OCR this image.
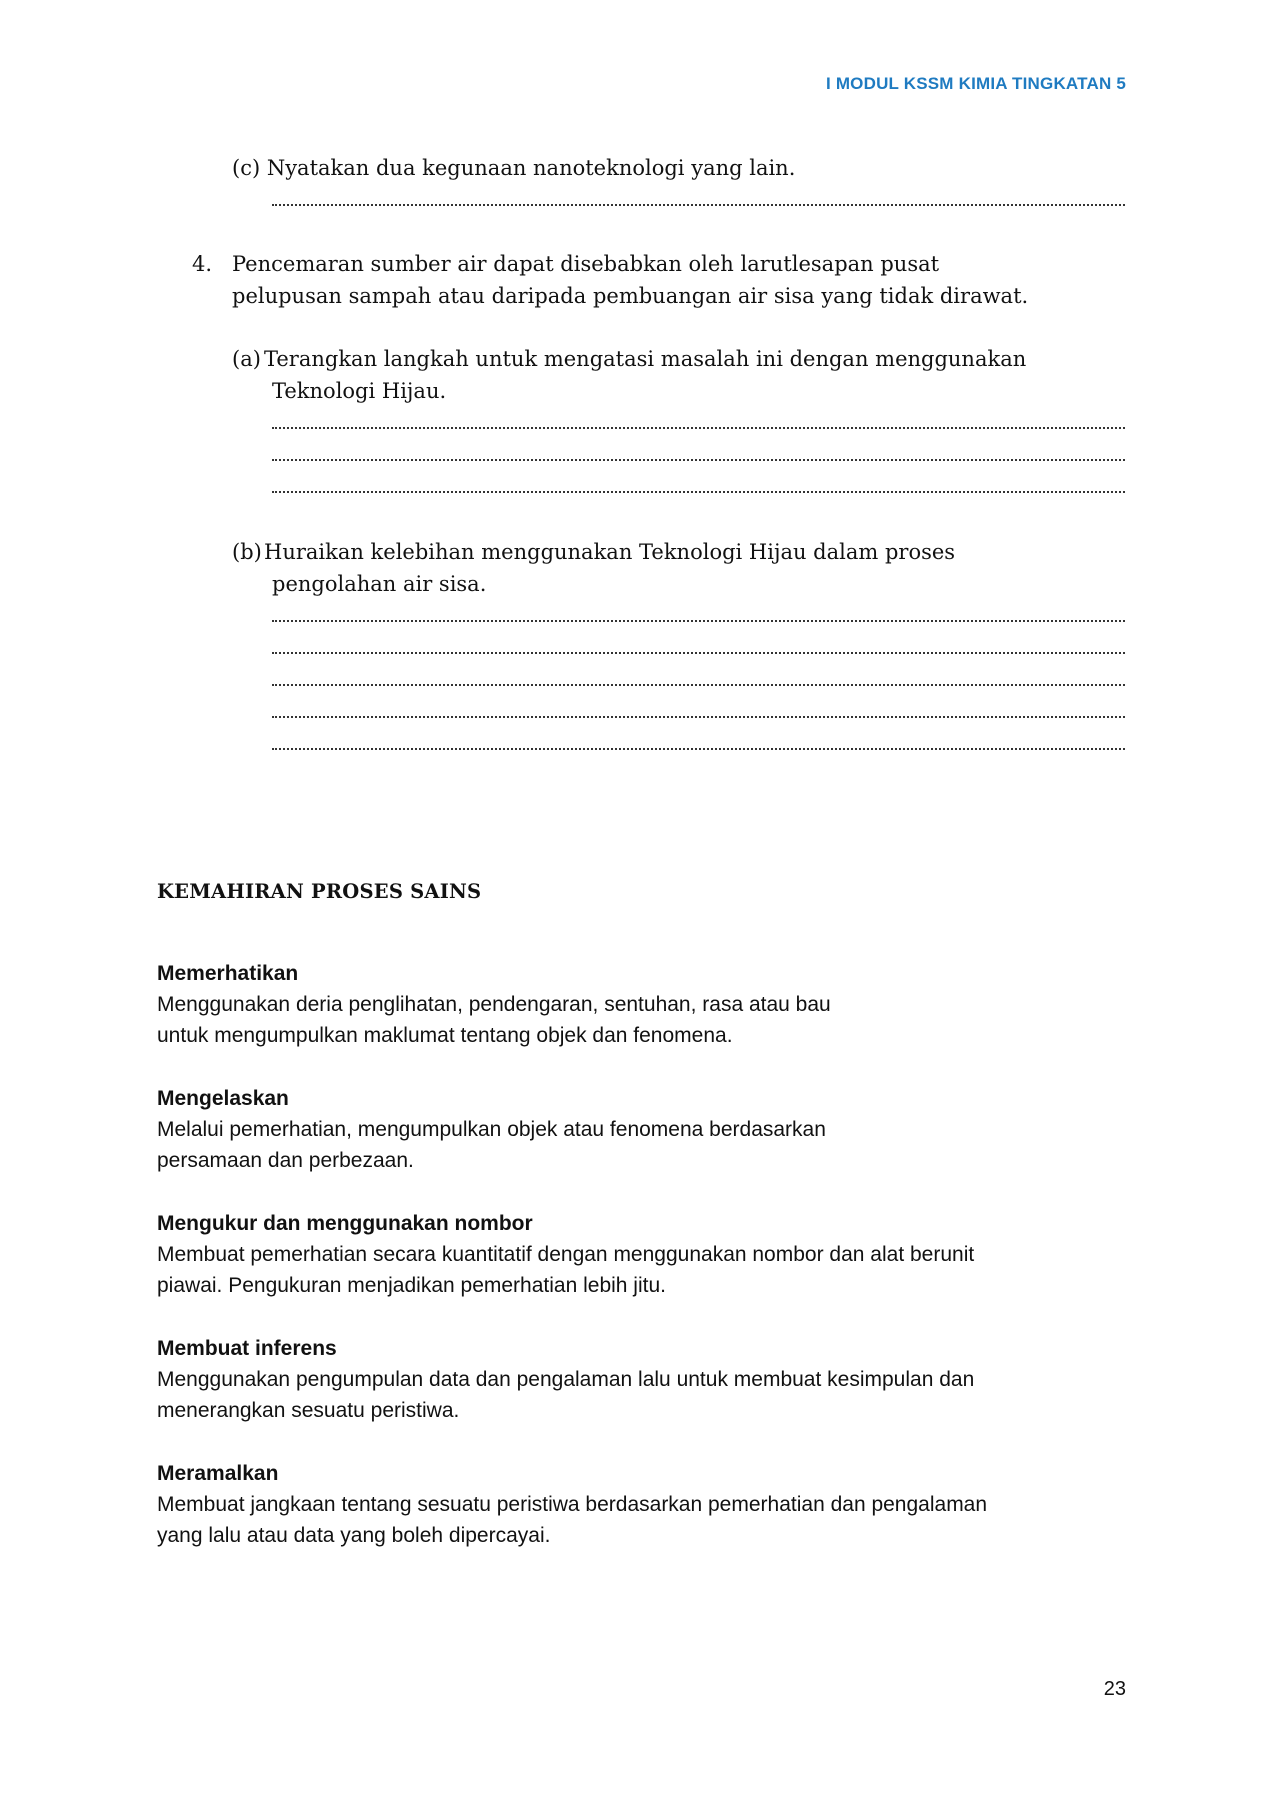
I MODUL KSSM KIMIA TINGKATAN 5
(c) Nyatakan dua kegunaan nanoteknologi yang lain.
4. Pencemaran sumber air dapat disebabkan oleh larutlesapan pusat
pelupusan sampah atau daripada pembuangan air sisa yang tidak dirawat.
(a) Terangkan langkah untuk mengatasi masalah ini dengan menggunakan
Teknologi Hijau.
(b) Huraikan kelebihan menggunakan Teknologi Hijau dalam proses
pengolahan air sisa.
KEMAHIRAN PROSES SAINS
Memerhatikan
Menggunakan deria penglihatan, pendengaran, sentuhan, rasa atau bau
untuk mengumpulkan maklumat tentang objek dan fenomena.
Mengelaskan
Melalui pemerhatian, mengumpulkan objek atau fenomena berdasarkan
persamaan dan perbezaan.
Mengukur dan menggunakan nombor
Membuat pemerhatian secara kuantitatif dengan menggunakan nombor dan alat berunit
piawai. Pengukuran menjadikan pemerhatian lebih jitu.
Membuat inferens
Menggunakan pengumpulan data dan pengalaman lalu untuk membuat kesimpulan dan
menerangkan sesuatu peristiwa.
Meramalkan
Membuat jangkaan tentang sesuatu peristiwa berdasarkan pemerhatian dan pengalaman
yang lalu atau data yang boleh dipercayai.
23
